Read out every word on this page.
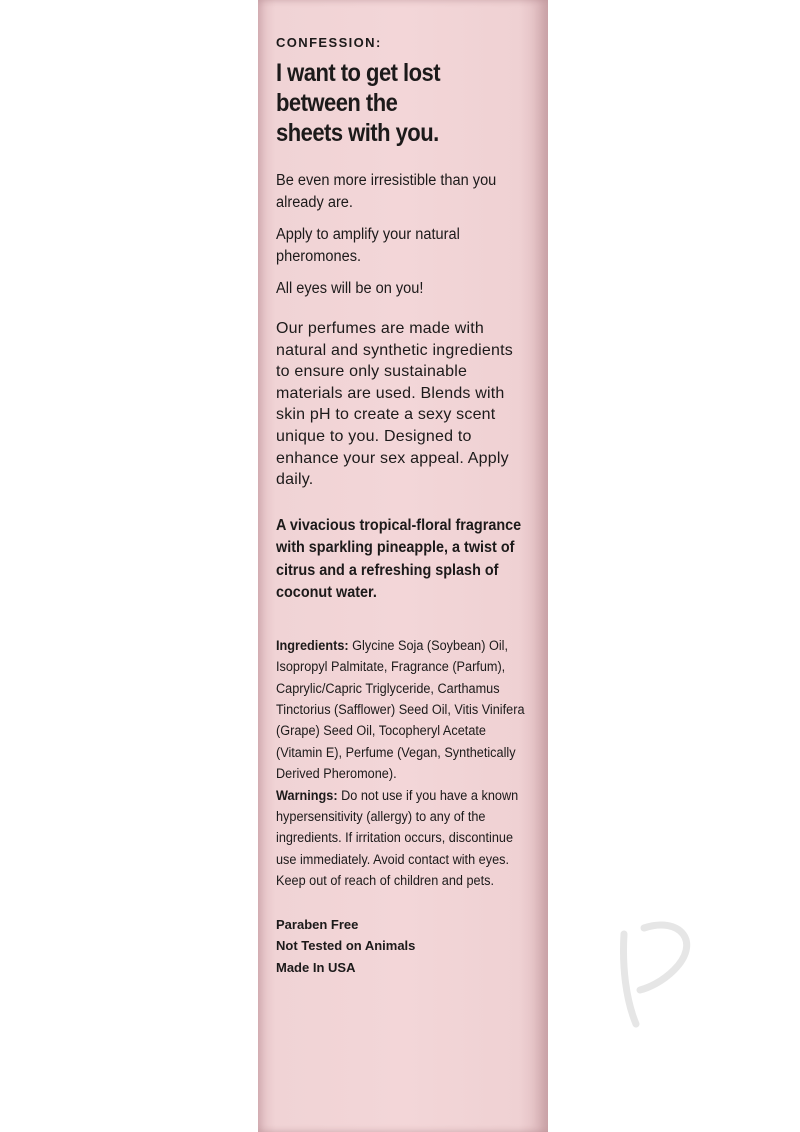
CONFESSION:
I want to get lost
between the
sheets with you.

Be even more irresistible than you already are.

Apply to amplify your natural pheromones.

All eyes will be on you!

Our perfumes are made with natural and synthetic ingredients to ensure only sustainable materials are used. Blends with skin pH to create a sexy scent unique to you. Designed to enhance your sex appeal. Apply daily.

A vivacious tropical-floral fragrance with sparkling pineapple, a twist of citrus and a refreshing splash of coconut water.

Ingredients: Glycine Soja (Soybean) Oil, Isopropyl Palmitate, Fragrance (Parfum), Caprylic/Capric Triglyceride, Carthamus Tinctorius (Safflower) Seed Oil, Vitis Vinifera (Grape) Seed Oil, Tocopheryl Acetate (Vitamin E), Perfume (Vegan, Synthetically Derived Pheromone).

Warnings: Do not use if you have a known hypersensitivity (allergy) to any of the ingredients. If irritation occurs, discontinue use immediately. Avoid contact with eyes. Keep out of reach of children and pets.

Paraben Free
Not Tested on Animals
Made In USA
